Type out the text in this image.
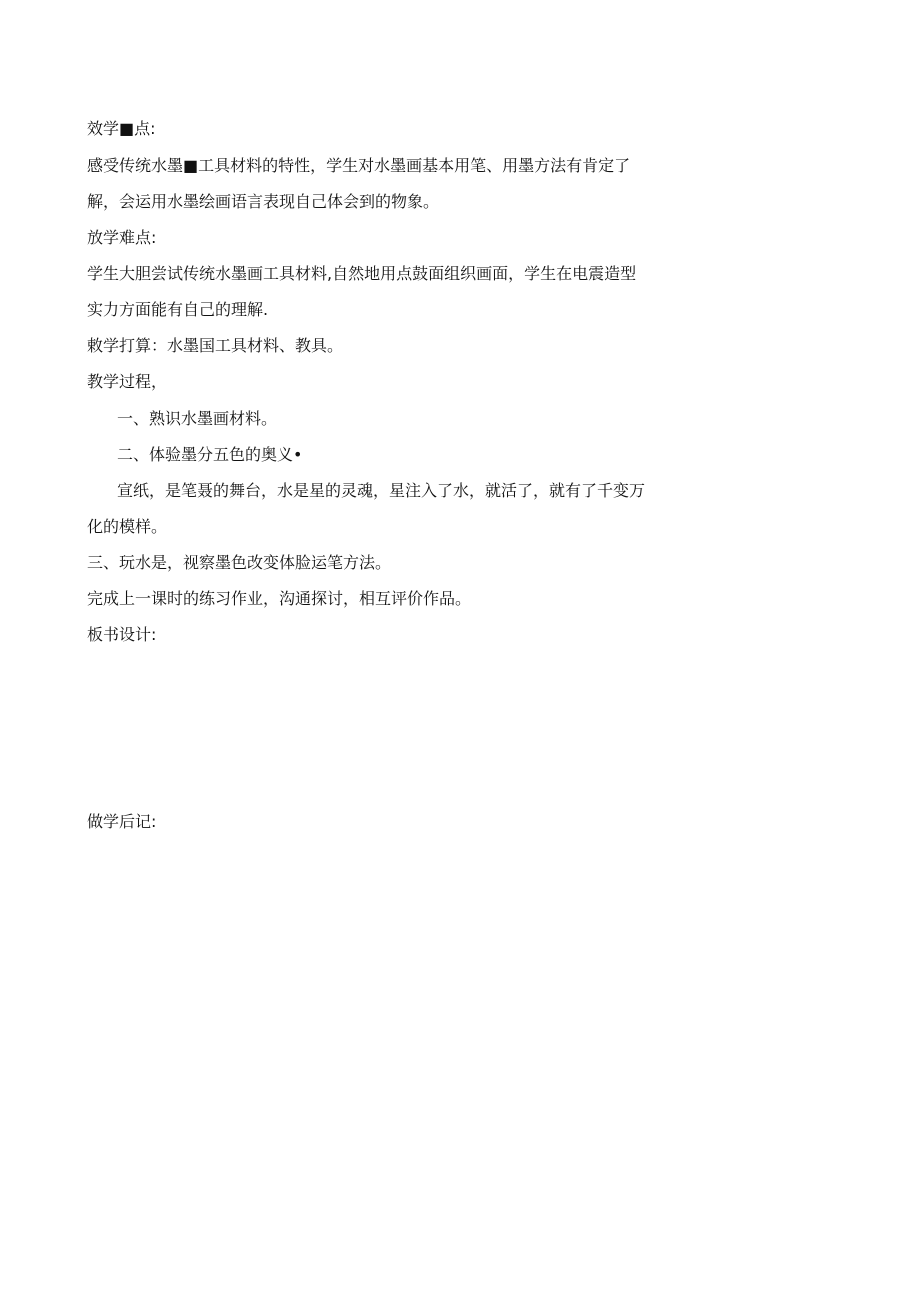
效学■点:
感受传统水墨■工具材料的特性，学生对水墨画基本用笔、用墨方法有肯定了
解，会运用水墨绘画语言表现自己体会到的物象。
放学难点:
学生大胆尝试传统水墨画工具材料,自然地用点鼓面组织画面，学生在电震造型
实力方面能有自己的理解.
敕学打算：水墨国工具材料、教具。
教学过程，
一、熟识水墨画材料。
二、体验墨分五色的奥义•
宣纸，是笔聂的舞台，水是星的灵魂，星注入了水，就活了，就有了千变万
化的模样。
三、玩水是，视察墨色改变体脸运笔方法。
完成上一课时的练习作业，沟通探讨，相互评价作品。
板书设计:
做学后记:
